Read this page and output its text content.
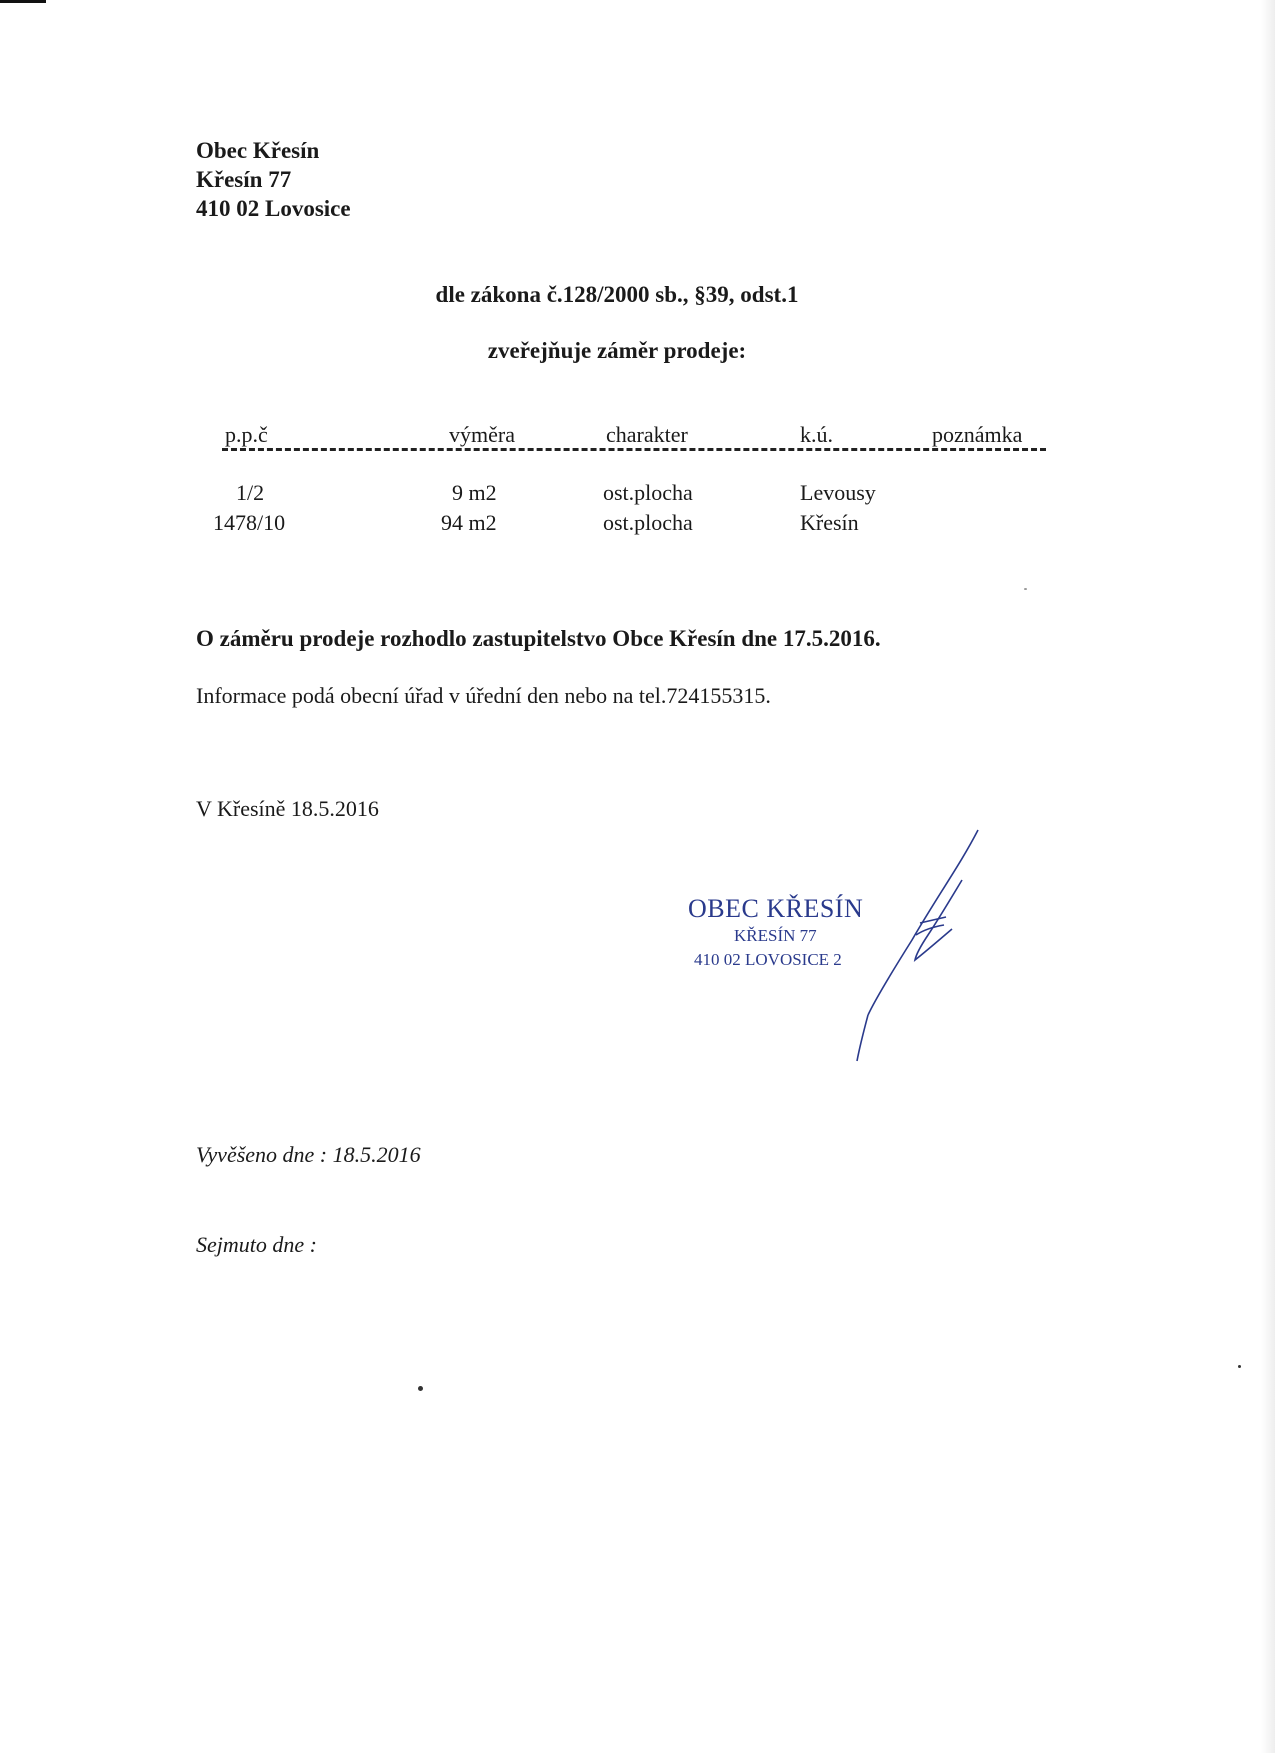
Obec Křesín
Křesín 77
410 02 Lovosice
dle zákona č.128/2000 sb., §39, odst.1
zveřejňuje záměr prodeje:
p.p.č	výměra	charakter	k.ú.	poznámka
1/2	9 m2	ost.plocha	Levousy
1478/10	94 m2	ost.plocha	Křesín
O záměru prodeje rozhodlo zastupitelstvo Obce Křesín dne 17.5.2016.
Informace podá obecní úřad v úřední den nebo na tel.724155315.
V Křesíně 18.5.2016
OBEC KŘESÍN
KŘESÍN 77
410 02 LOVOSICE 2
Vyvěšeno dne : 18.5.2016
Sejmuto dne :
